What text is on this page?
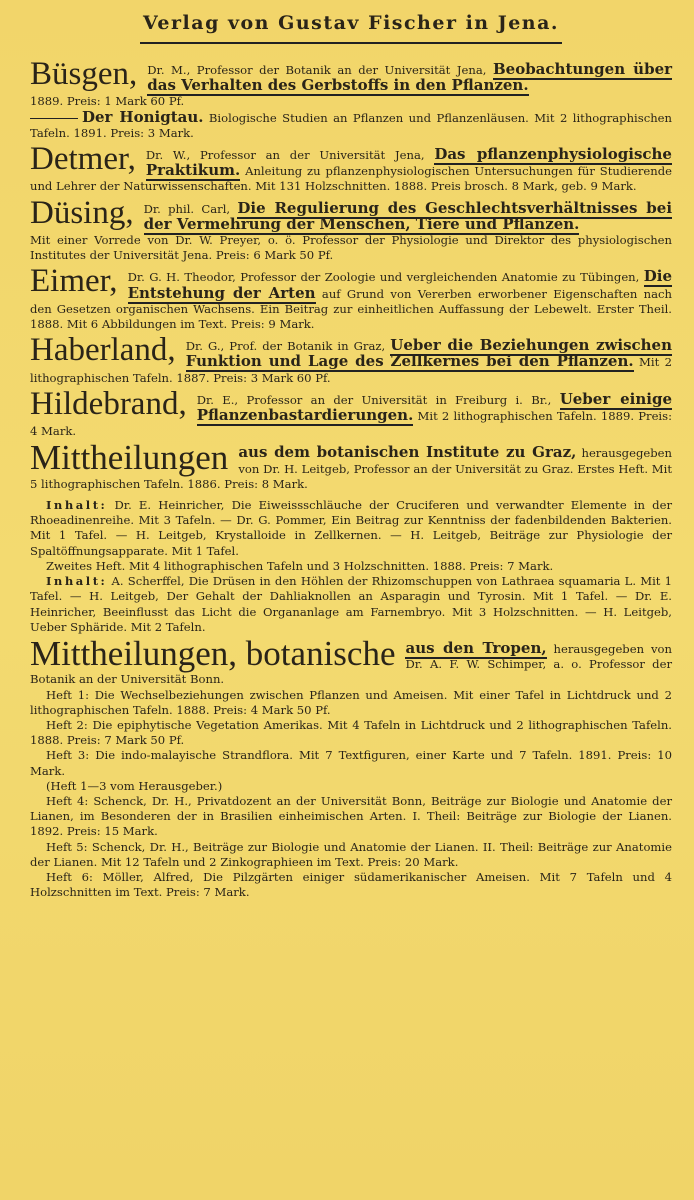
Verlag von Gustav Fischer in Jena.
Büsgen, Dr. M., Professor der Botanik an der Universität Jena, Beobachtungen über das Verhalten des Gerbstoffs in den Pflanzen.
1889. Preis: 1 Mark 60 Pf.
Der Honigtau. Biologische Studien an Pflanzen und Pflanzenläusen. Mit 2 lithographischen Tafeln. 1891. Preis: 3 Mark.
Detmer, Dr. W., Professor an der Universität Jena, Das pflanzenphysiologische Praktikum. Anleitung zu pflanzenphysiologischen Untersuchungen für Studierende und Lehrer der Naturwissenschaften. Mit 131 Holzschnitten. 1888. Preis brosch. 8 Mark, geb. 9 Mark.
Düsing, Dr. phil. Carl, Die Regulierung des Geschlechtsverhältnisses bei der Vermehrung der Menschen, Tiere und Pflanzen.
Mit einer Vorrede von Dr. W. Preyer, o. ö. Professor der Physiologie und Direktor des physiologischen Institutes der Universität Jena. Preis: 6 Mark 50 Pf.
Eimer, Dr. G. H. Theodor, Professor der Zoologie und vergleichenden Anatomie zu Tübingen, Die Entstehung der Arten auf Grund von Vererben erworbener Eigenschaften nach den Gesetzen organischen Wachsens. Ein Beitrag zur einheitlichen Auffassung der Lebewelt. Erster Theil. 1888. Mit 6 Abbildungen im Text. Preis: 9 Mark.
Haberland, Dr. G., Prof. der Botanik in Graz, Ueber die Beziehungen zwischen Funktion und Lage des Zellkernes bei den Pflanzen. Mit 2 lithographischen Tafeln. 1887. Preis: 3 Mark 60 Pf.
Hildebrand, Dr. E., Professor an der Universität in Freiburg i. Br., Ueber einige Pflanzenbastardierungen. Mit 2 lithographischen Tafeln. 1889. Preis: 4 Mark.
Mittheilungen aus dem botanischen Institute zu Graz, herausgegeben von Dr. H. Leitgeb, Professor an der Universität zu Graz. Erstes Heft. Mit 5 lithographischen Tafeln. 1886. Preis: 8 Mark.
Inhalt: Dr. E. Heinricher, Die Eiweissschläuche der Cruciferen und verwandter Elemente in der Rhoeadinenreihe. Mit 3 Tafeln. — Dr. G. Pommer, Ein Beitrag zur Kenntniss der fadenbildenden Bakterien. Mit 1 Tafel. — H. Leitgeb, Krystalloide in Zellkernen. — H. Leitgeb, Beiträge zur Physiologie der Spaltöffnungsapparate. Mit 1 Tafel.
Zweites Heft. Mit 4 lithographischen Tafeln und 3 Holzschnitten. 1888. Preis: 7 Mark.
Inhalt: A. Scherffel, Die Drüsen in den Höhlen der Rhizomschuppen von Lathraea squamaria L. Mit 1 Tafel. — H. Leitgeb, Der Gehalt der Dahliaknollen an Asparagin und Tyrosin. Mit 1 Tafel. — Dr. E. Heinricher, Beeinflusst das Licht die Organanlage am Farnembryo. Mit 3 Holzschnitten. — H. Leitgeb, Ueber Sphäride. Mit 2 Tafeln.
Mittheilungen, botanische aus den Tropen, herausgegeben von Dr. A. F. W. Schimper, a. o. Professor der Botanik an der Universität Bonn.
Heft 1: Die Wechselbeziehungen zwischen Pflanzen und Ameisen. Mit einer Tafel in Lichtdruck und 2 lithographischen Tafeln. 1888. Preis: 4 Mark 50 Pf.
Heft 2: Die epiphytische Vegetation Amerikas. Mit 4 Tafeln in Lichtdruck und 2 lithographischen Tafeln. 1888. Preis: 7 Mark 50 Pf.
Heft 3: Die indo-malayische Strandflora. Mit 7 Textfiguren, einer Karte und 7 Tafeln. 1891. Preis: 10 Mark.
(Heft 1—3 vom Herausgeber.)
Heft 4: Schenck, Dr. H., Privatdozent an der Universität Bonn, Beiträge zur Biologie und Anatomie der Lianen, im Besonderen der in Brasilien einheimischen Arten. I. Theil: Beiträge zur Biologie der Lianen. 1892. Preis: 15 Mark.
Heft 5: Schenck, Dr. H., Beiträge zur Biologie und Anatomie der Lianen. II. Theil: Beiträge zur Anatomie der Lianen. Mit 12 Tafeln und 2 Zinkographieen im Text. Preis: 20 Mark.
Heft 6: Möller, Alfred, Die Pilzgärten einiger südamerikanischer Ameisen. Mit 7 Tafeln und 4 Holzschnitten im Text. Preis: 7 Mark.
